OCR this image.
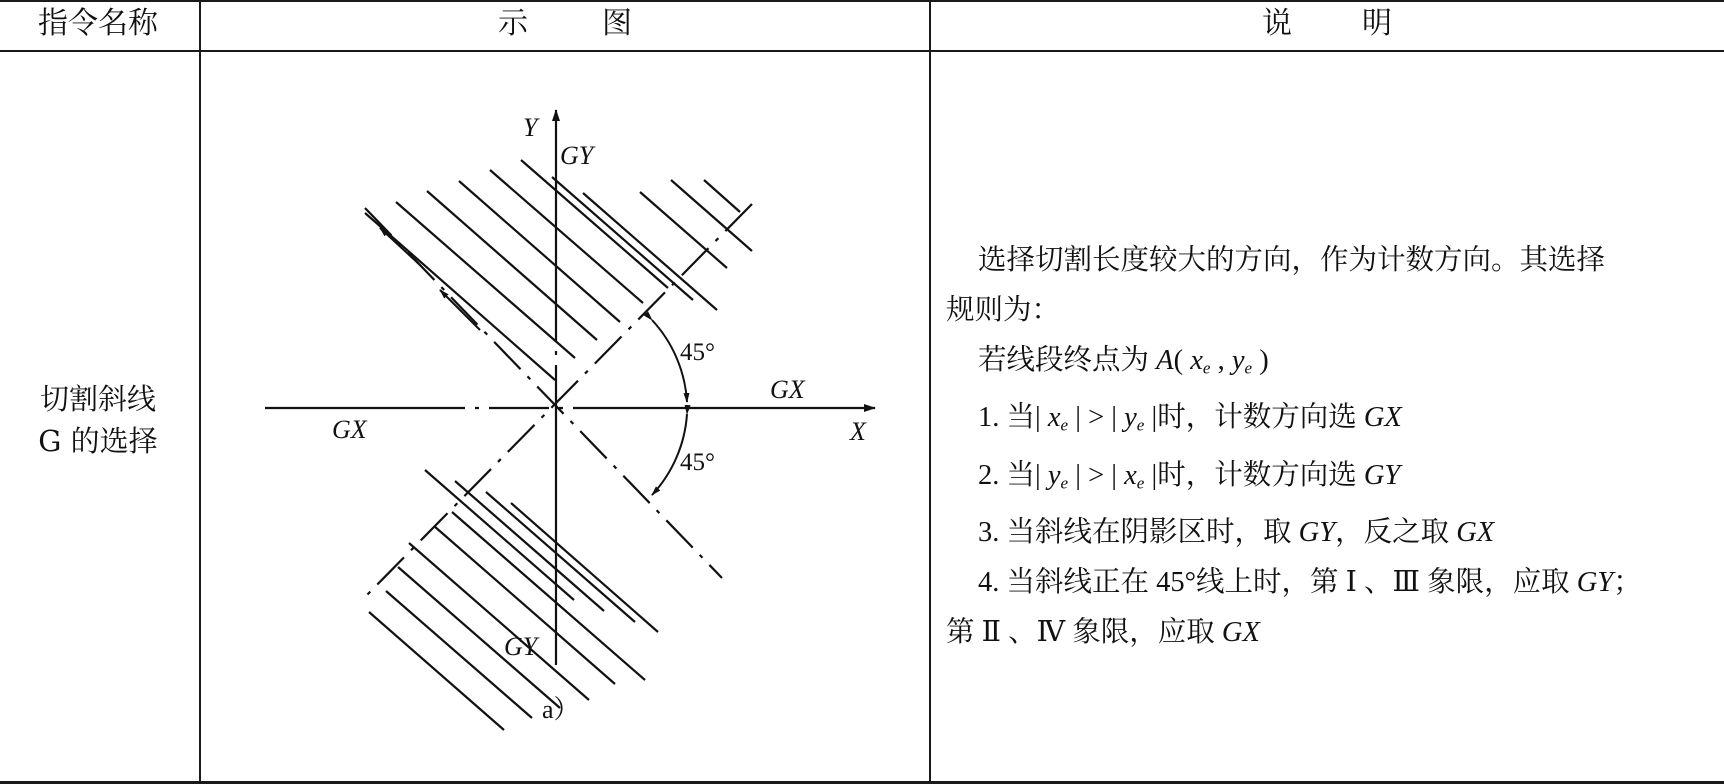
指令名称	示 图	说 明
切割斜线
G 的选择
Y
X
GY
GY
GX
GX
45°
45°
a）

选择切割长度较大的方向，作为计数方向。其选择

规则为：

若线段终点为 A( $x_e$ , $y_e$ )

1. 当| $x_e$ | > | $y_e$ |时，计数方向选 GX

2. 当| $y_e$ | > | $x_e$ |时，计数方向选 GY

3. 当斜线在阴影区时，取 GY，反之取 GX

4. 当斜线正在 45°线上时，第 Ⅰ 、Ⅲ 象限，应取 GY；

第 Ⅱ 、Ⅳ 象限，应取 GX
